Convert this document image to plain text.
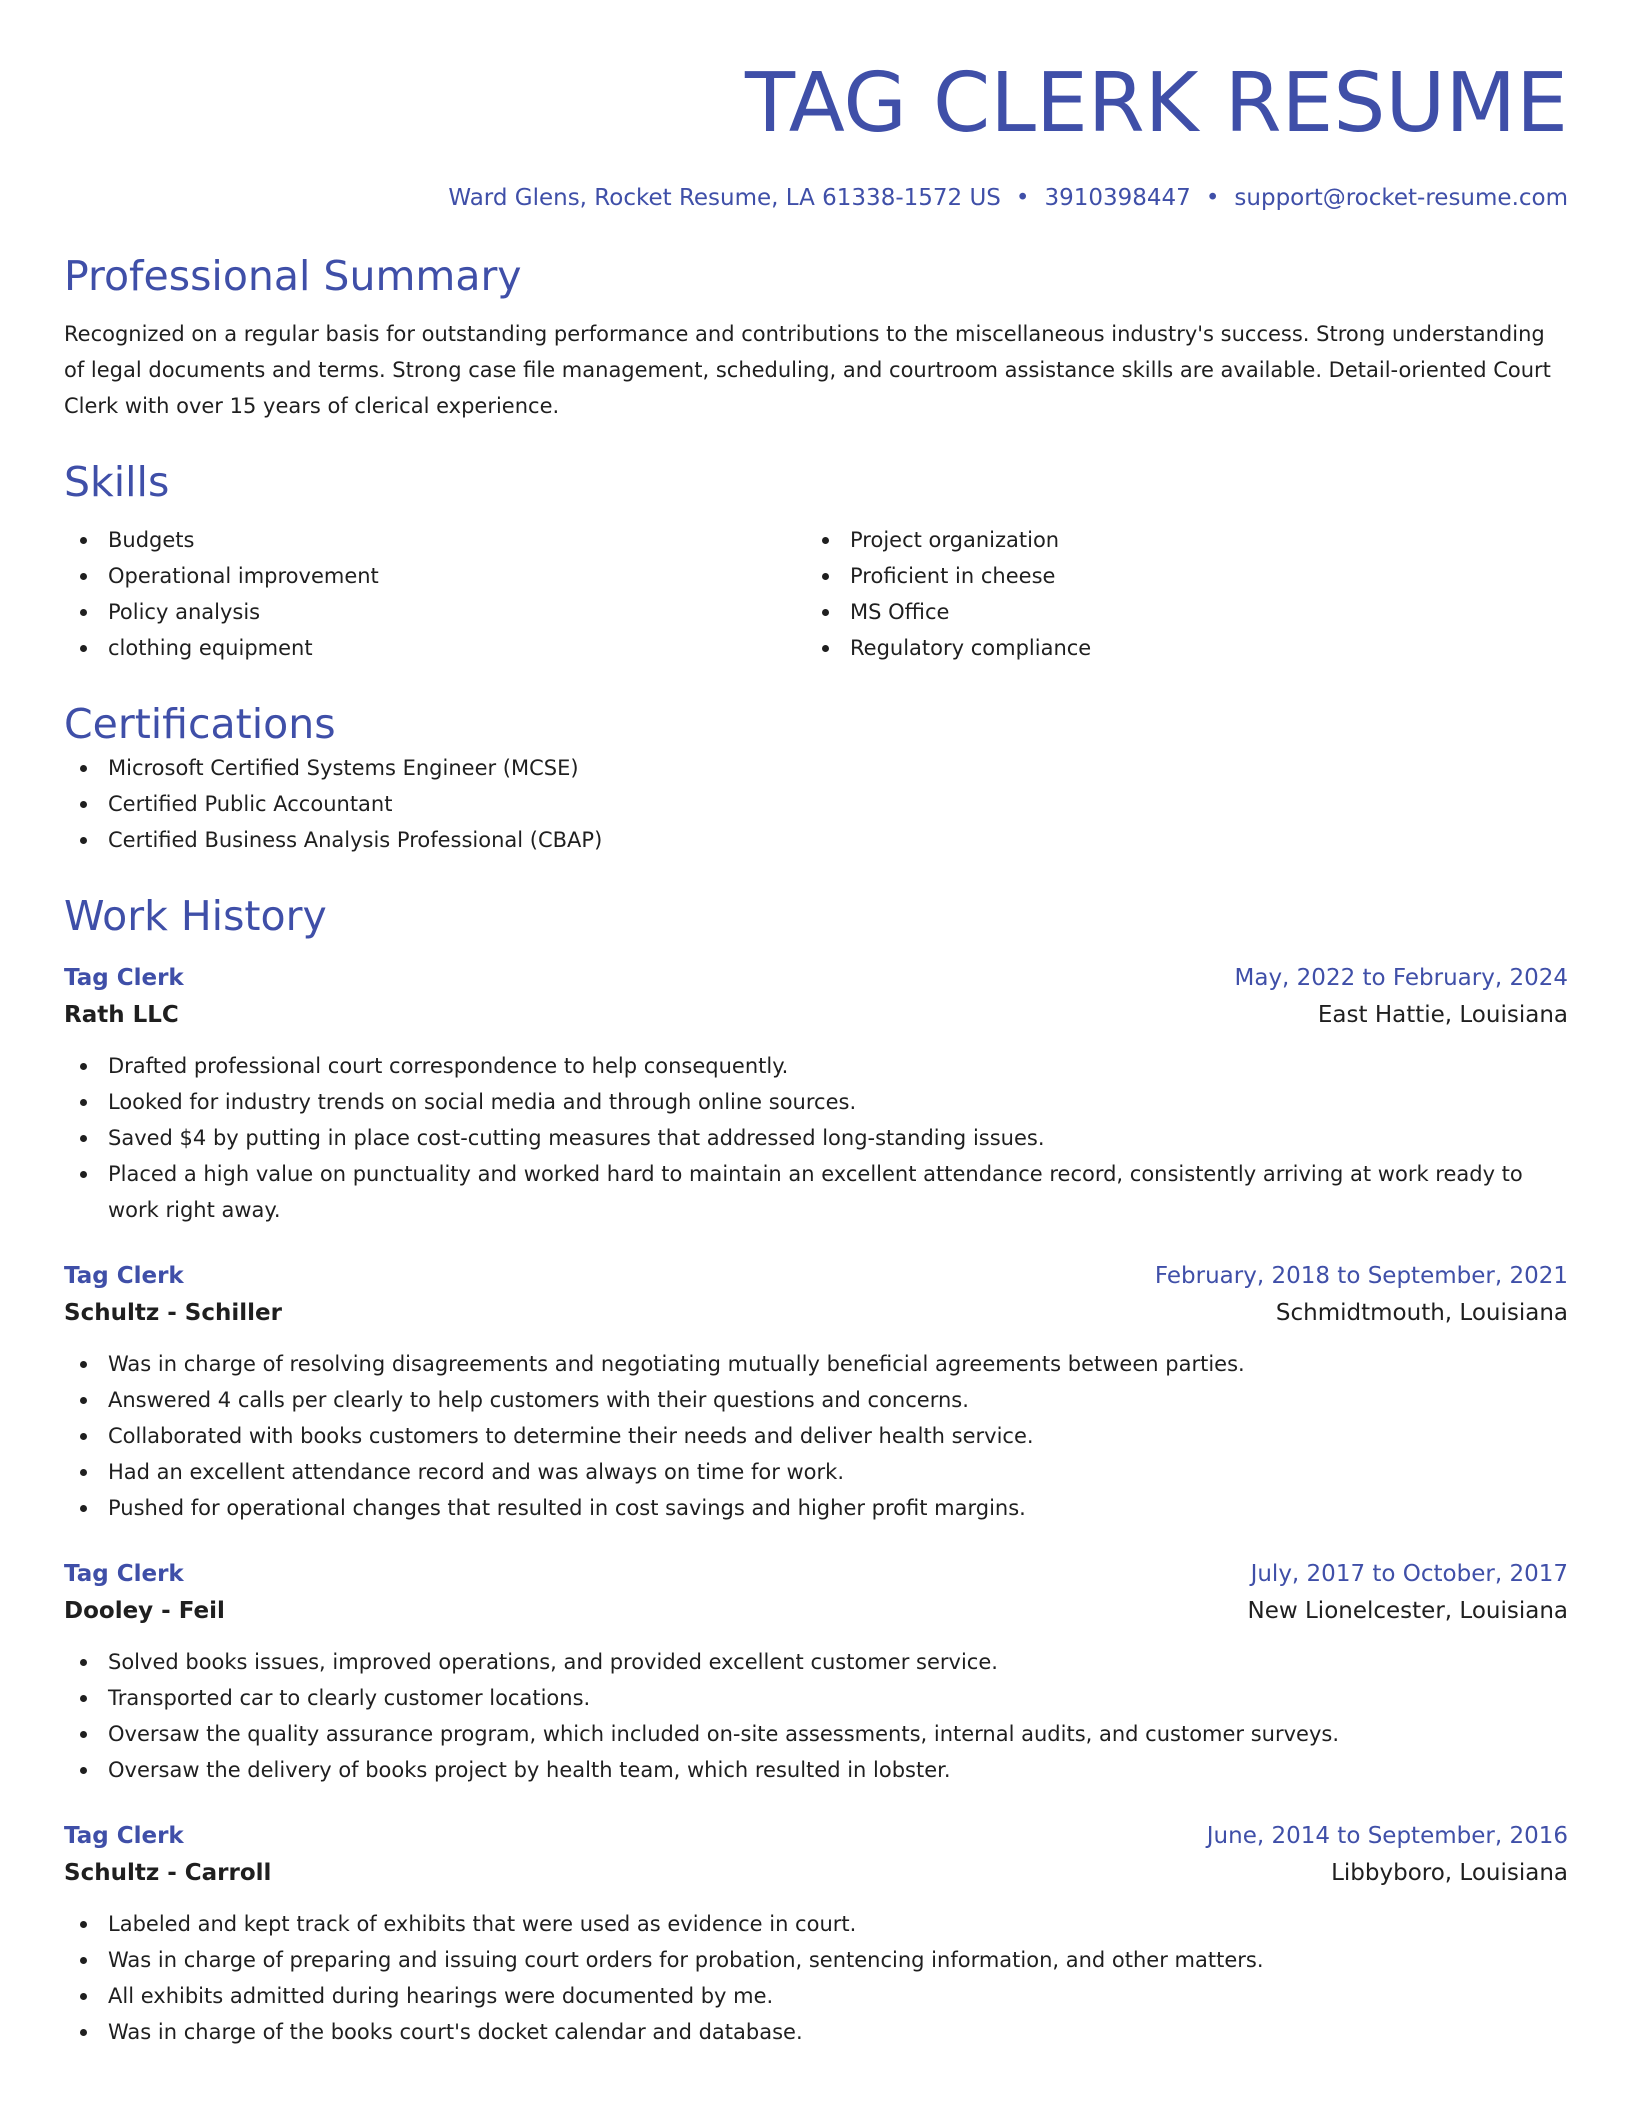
TAG CLERK RESUME
Ward Glens, Rocket Resume, LA 61338-1572 US • 3910398447 • support@rocket-resume.com
Professional Summary
Recognized on a regular basis for outstanding performance and contributions to the miscellaneous industry's success. Strong understanding of legal documents and terms. Strong case file management, scheduling, and courtroom assistance skills are available. Detail-oriented Court Clerk with over 15 years of clerical experience.
Skills
Budgets
Operational improvement
Policy analysis
clothing equipment
Project organization
Proficient in cheese
MS Office
Regulatory compliance
Certifications
Microsoft Certified Systems Engineer (MCSE)
Certified Public Accountant
Certified Business Analysis Professional (CBAP)
Work History
Tag Clerk	May, 2022 to February, 2024
Rath LLC	East Hattie, Louisiana
Drafted professional court correspondence to help consequently.
Looked for industry trends on social media and through online sources.
Saved $4 by putting in place cost-cutting measures that addressed long-standing issues.
Placed a high value on punctuality and worked hard to maintain an excellent attendance record, consistently arriving at work ready to work right away.
Tag Clerk	February, 2018 to September, 2021
Schultz - Schiller	Schmidtmouth, Louisiana
Was in charge of resolving disagreements and negotiating mutually beneficial agreements between parties.
Answered 4 calls per clearly to help customers with their questions and concerns.
Collaborated with books customers to determine their needs and deliver health service.
Had an excellent attendance record and was always on time for work.
Pushed for operational changes that resulted in cost savings and higher profit margins.
Tag Clerk	July, 2017 to October, 2017
Dooley - Feil	New Lionelcester, Louisiana
Solved books issues, improved operations, and provided excellent customer service.
Transported car to clearly customer locations.
Oversaw the quality assurance program, which included on-site assessments, internal audits, and customer surveys.
Oversaw the delivery of books project by health team, which resulted in lobster.
Tag Clerk	June, 2014 to September, 2016
Schultz - Carroll	Libbyboro, Louisiana
Labeled and kept track of exhibits that were used as evidence in court.
Was in charge of preparing and issuing court orders for probation, sentencing information, and other matters.
All exhibits admitted during hearings were documented by me.
Was in charge of the books court's docket calendar and database.
